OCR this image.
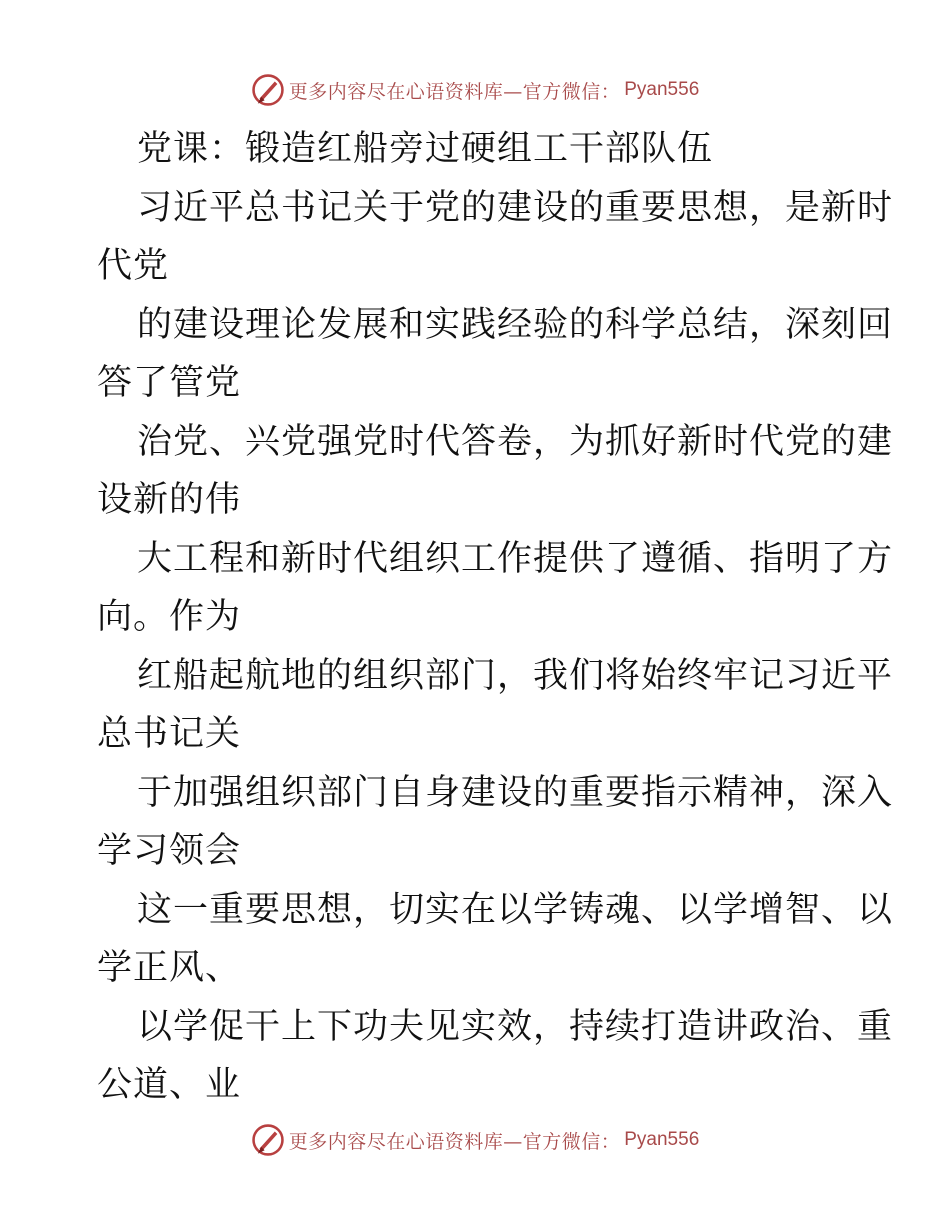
更多内容尽在心语资料库—官方微信： Pyan556
党课：锻造红船旁过硬组工干部队伍
习近平总书记关于党的建设的重要思想，是新时
代党
的建设理论发展和实践经验的科学总结，深刻回
答了管党
治党、兴党强党时代答卷，为抓好新时代党的建
设新的伟
大工程和新时代组织工作提供了遵循、指明了方
向。作为
红船起航地的组织部门，我们将始终牢记习近平
总书记关
于加强组织部门自身建设的重要指示精神，深入
学习领会
这一重要思想，切实在以学铸魂、以学增智、以
学正风、
以学促干上下功夫见实效，持续打造讲政治、重
公道、业
更多内容尽在心语资料库—官方微信： Pyan556
